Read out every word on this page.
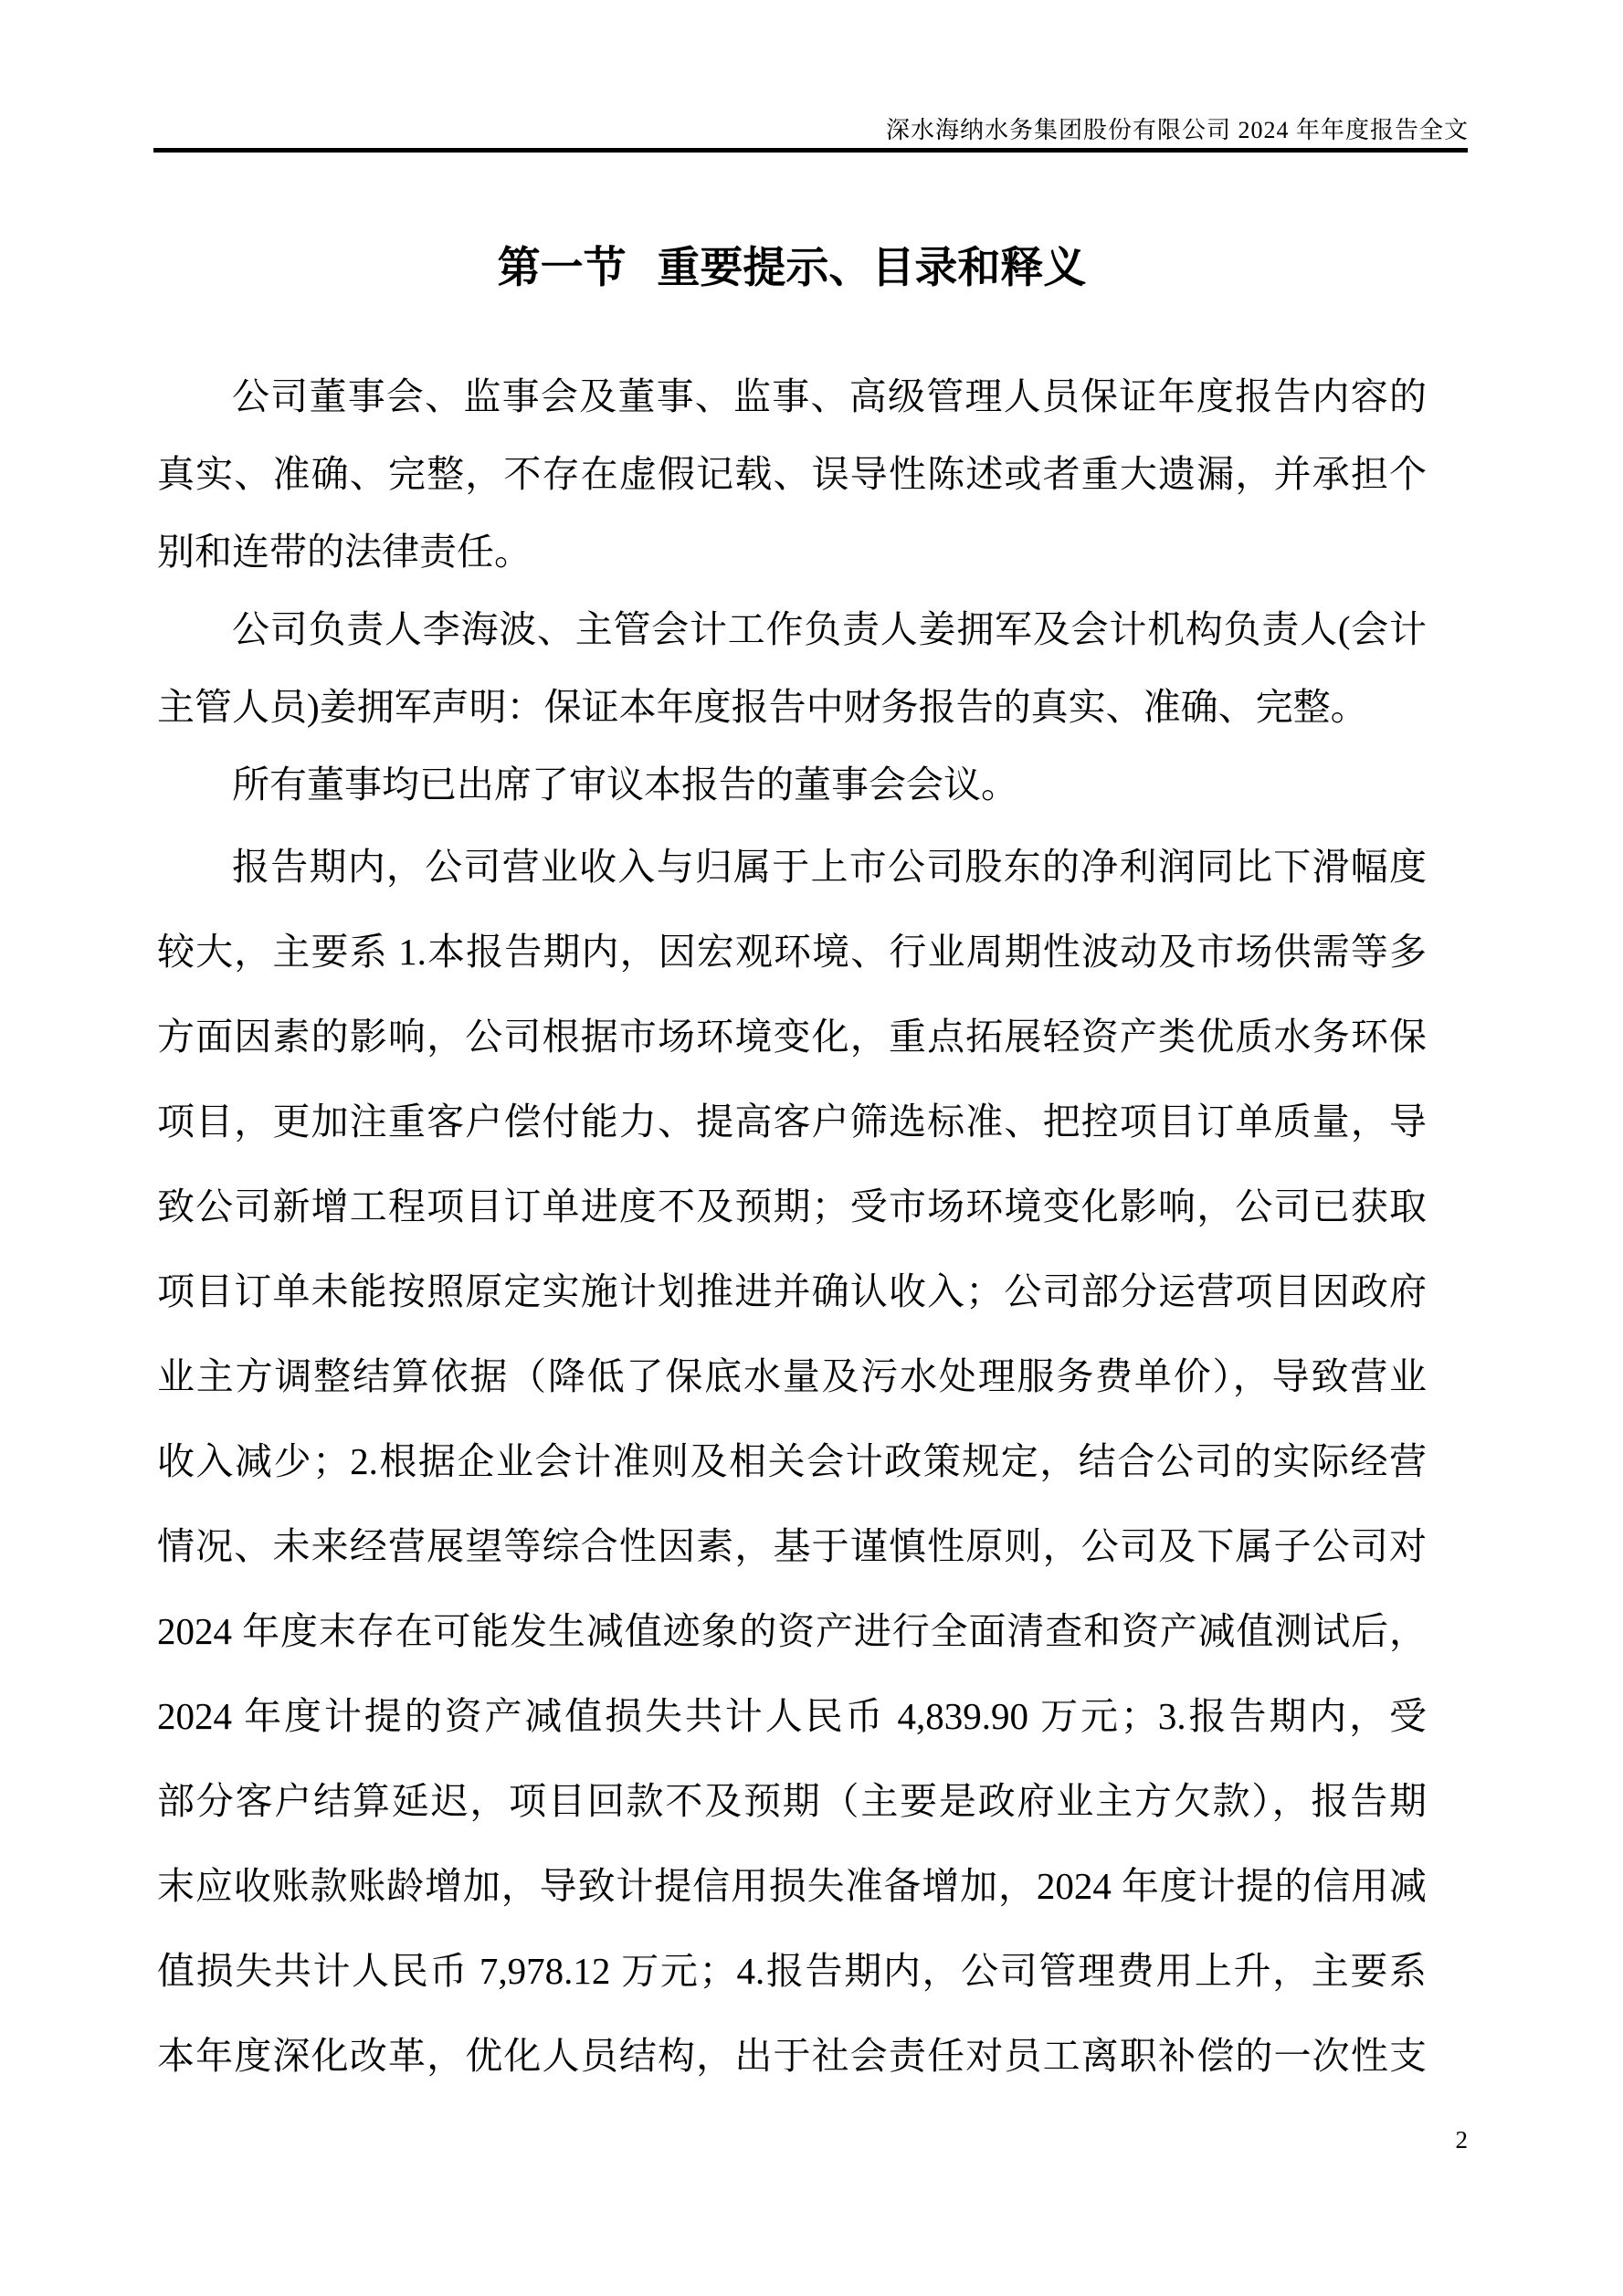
深水海纳水务集团股份有限公司 2024 年年度报告全文
第一节 重要提示、目录和释义
公司董事会、监事会及董事、监事、高级管理人员保证年度报告内容的
真实、准确、完整，不存在虚假记载、误导性陈述或者重大遗漏，并承担个
别和连带的法律责任。
公司负责人李海波、主管会计工作负责人姜拥军及会计机构负责人(会计
主管人员)姜拥军声明：保证本年度报告中财务报告的真实、准确、完整。
所有董事均已出席了审议本报告的董事会会议。
报告期内，公司营业收入与归属于上市公司股东的净利润同比下滑幅度
较大，主要系 1.本报告期内，因宏观环境、行业周期性波动及市场供需等多
方面因素的影响，公司根据市场环境变化，重点拓展轻资产类优质水务环保
项目，更加注重客户偿付能力、提高客户筛选标准、把控项目订单质量，导
致公司新增工程项目订单进度不及预期；受市场环境变化影响，公司已获取
项目订单未能按照原定实施计划推进并确认收入；公司部分运营项目因政府
业主方调整结算依据（降低了保底水量及污水处理服务费单价），导致营业
收入减少；2.根据企业会计准则及相关会计政策规定，结合公司的实际经营
情况、未来经营展望等综合性因素，基于谨慎性原则，公司及下属子公司对
2024 年度末存在可能发生减值迹象的资产进行全面清查和资产减值测试后，
2024 年度计提的资产减值损失共计人民币 4,839.90 万元；3.报告期内，受
部分客户结算延迟，项目回款不及预期（主要是政府业主方欠款），报告期
末应收账款账龄增加，导致计提信用损失准备增加，2024 年度计提的信用减
值损失共计人民币 7,978.12 万元；4.报告期内，公司管理费用上升，主要系
本年度深化改革，优化人员结构，出于社会责任对员工离职补偿的一次性支
2
